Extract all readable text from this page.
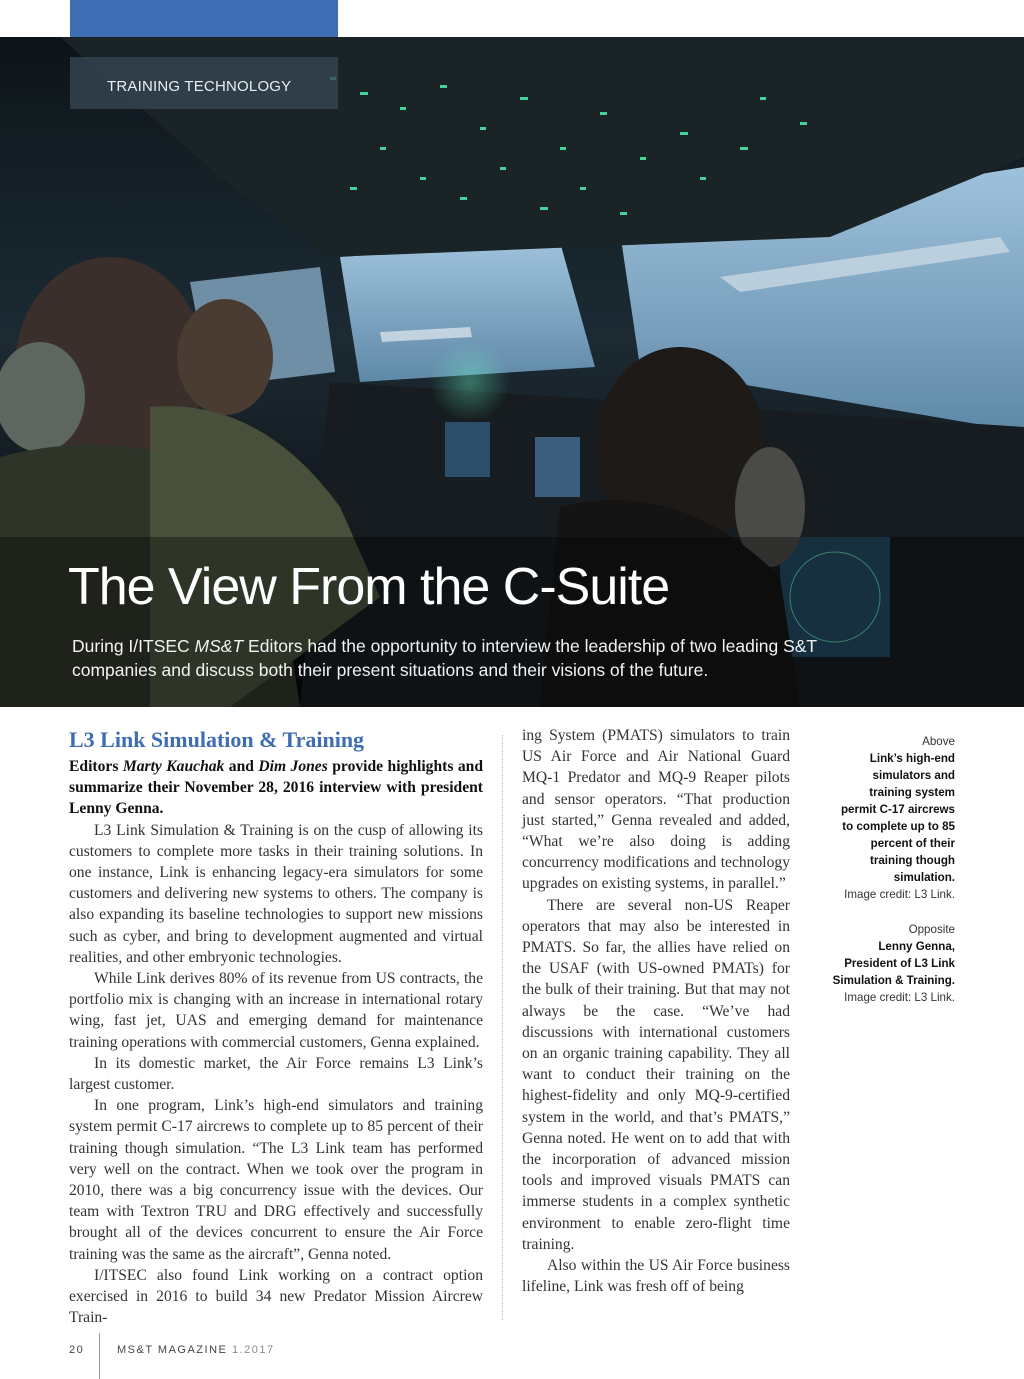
TRAINING TECHNOLOGY
The View From the C-Suite

During I/ITSEC MS&T Editors had the opportunity to interview the leadership of two leading S&T companies and discuss both their present situations and their visions of the future.

L3 Link Simulation & Training

Editors Marty Kauchak and Dim Jones provide highlights and summarize their November 28, 2016 interview with president Lenny Genna.

L3 Link Simulation & Training is on the cusp of allowing its customers to complete more tasks in their training solutions. In one instance, Link is enhancing legacy-era simulators for some customers and delivering new systems to others. The company is also expanding its baseline technologies to support new missions such as cyber, and bring to development augmented and virtual realities, and other embryonic technologies.

While Link derives 80% of its revenue from US contracts, the portfolio mix is changing with an increase in international rotary wing, fast jet, UAS and emerging demand for maintenance training operations with commercial customers, Genna explained.

In its domestic market, the Air Force remains L3 Link’s largest customer.

In one program, Link’s high-end simulators and training system permit C-17 aircrews to complete up to 85 percent of their training though simulation. “The L3 Link team has performed very well on the contract. When we took over the program in 2010, there was a big concurrency issue with the devices. Our team with Textron TRU and DRG effectively and successfully brought all of the devices concurrent to ensure the Air Force training was the same as the aircraft”, Genna noted.

I/ITSEC also found Link working on a contract option exercised in 2016 to build 34 new Predator Mission Aircrew Train-

ing System (PMATS) simulators to train US Air Force and Air National Guard MQ-1 Predator and MQ-9 Reaper pilots and sensor operators. “That production just started,” Genna revealed and added, “What we’re also doing is adding concurrency modifications and technology upgrades on existing systems, in parallel.”

There are several non-US Reaper operators that may also be interested in PMATS. So far, the allies have relied on the USAF (with US-owned PMATs) for the bulk of their training. But that may not always be the case. “We’ve had discussions with international customers on an organic training capability. They all want to conduct their training on the highest-fidelity and only MQ-9-certified system in the world, and that’s PMATS,” Genna noted. He went on to add that with the incorporation of advanced mission tools and improved visuals PMATS can immerse students in a complex synthetic environment to enable zero-flight time training.

Also within the US Air Force business lifeline, Link was fresh off of being

Above
Link’s high-end simulators and training system permit C-17 aircrews to complete up to 85 percent of their training though simulation.
Image credit: L3 Link.
Opposite
Lenny Genna, President of L3 Link Simulation & Training.
Image credit: L3 Link.
20	MS&T MAGAZINE 1.2017
